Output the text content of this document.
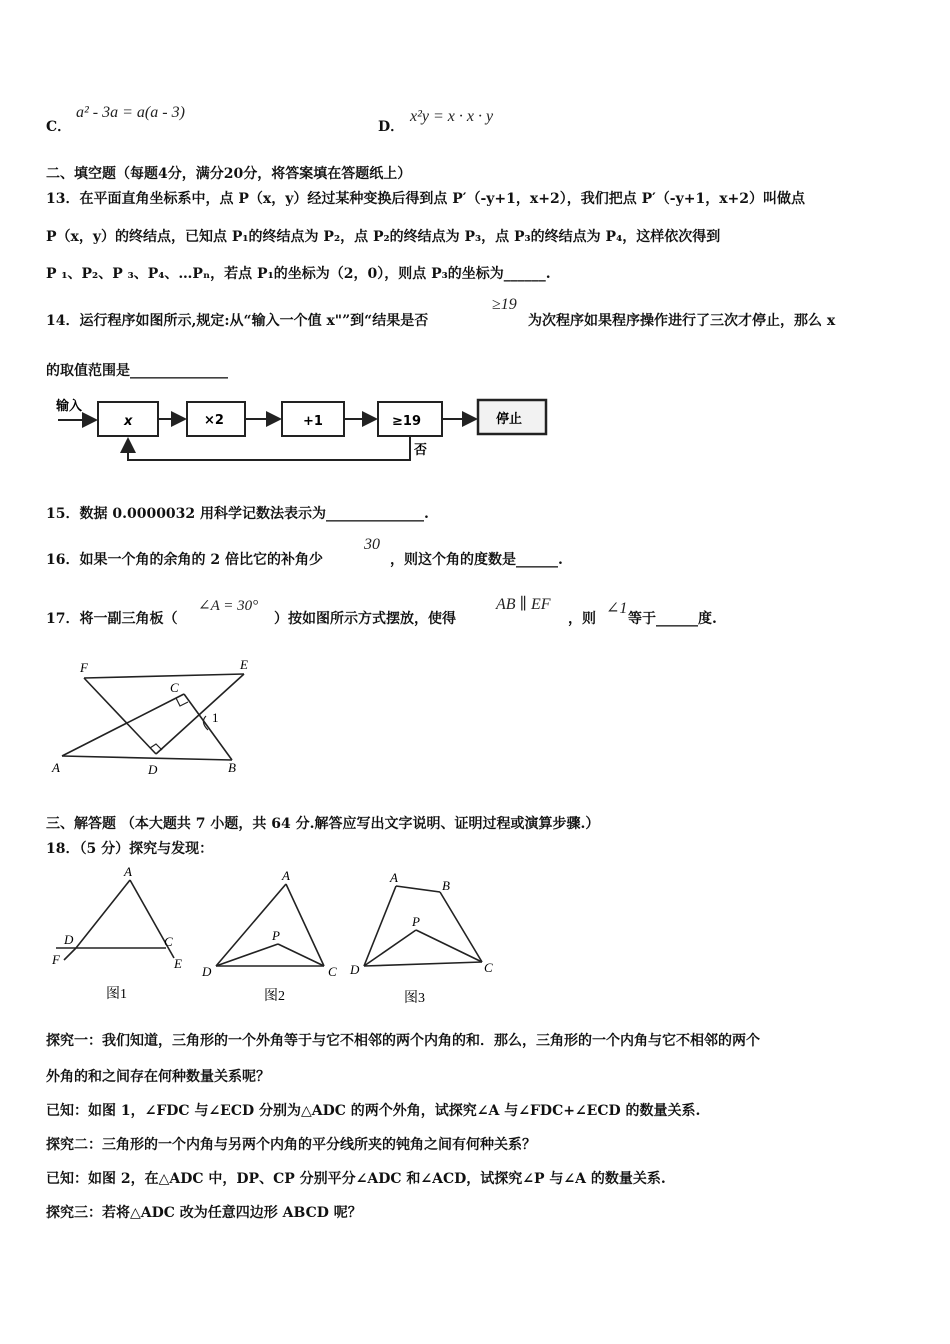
C．
a² - 3a = a(a - 3)
D．
x²y = x · x · y
二、填空题（每题4分，满分20分，将答案填在答题纸上）
13．在平面直角坐标系中，点 P（x，y）经过某种变换后得到点 P′（-y+1，x+2），我们把点 P′（-y+1，x+2）叫做点
P（x，y）的终结点，已知点 P₁的终结点为 P₂，点 P₂的终结点为 P₃，点 P₃的终结点为 P₄，这样依次得到
P ₁、P₂、P ₃、P₄、…Pₙ，若点 P₁的坐标为（2，0），则点 P₃的坐标为______.
14．运行程序如图所示,规定:从“输入一个值 x"”到“结果是否
≥19
为次程序如果程序操作进行了三次才停止，那么 x
的取值范围是______________
输入
x	×2	+1	≥19	停止
否
15．数据 0.0000032 用科学记数法表示为______________.
16．如果一个角的余角的 2 倍比它的补角少
30
，则这个角的度数是______.
17．将一副三角板（
∠A = 30°
）按如图所示方式摆放，使得
AB ∥ EF
，则
∠1
等于______度.
F	E
C
1
A	D	B
三、解答题 （本大题共 7 小题，共 64 分.解答应写出文字说明、证明过程或演算步骤.）
18．（5 分）探究与发现：
A
D	C
F	E
图1
A
P
D	C
图2
A
B
P
D	C
图3
探究一：我们知道，三角形的一个外角等于与它不相邻的两个内角的和．那么，三角形的一个内角与它不相邻的两个
外角的和之间存在何种数量关系呢？
已知：如图 1，∠FDC 与∠ECD 分别为△ADC 的两个外角，试探究∠A 与∠FDC+∠ECD 的数量关系.
探究二：三角形的一个内角与另两个内角的平分线所夹的钝角之间有何种关系？
已知：如图 2，在△ADC 中，DP、CP 分别平分∠ADC 和∠ACD，试探究∠P 与∠A 的数量关系.
探究三：若将△ADC 改为任意四边形 ABCD 呢？
